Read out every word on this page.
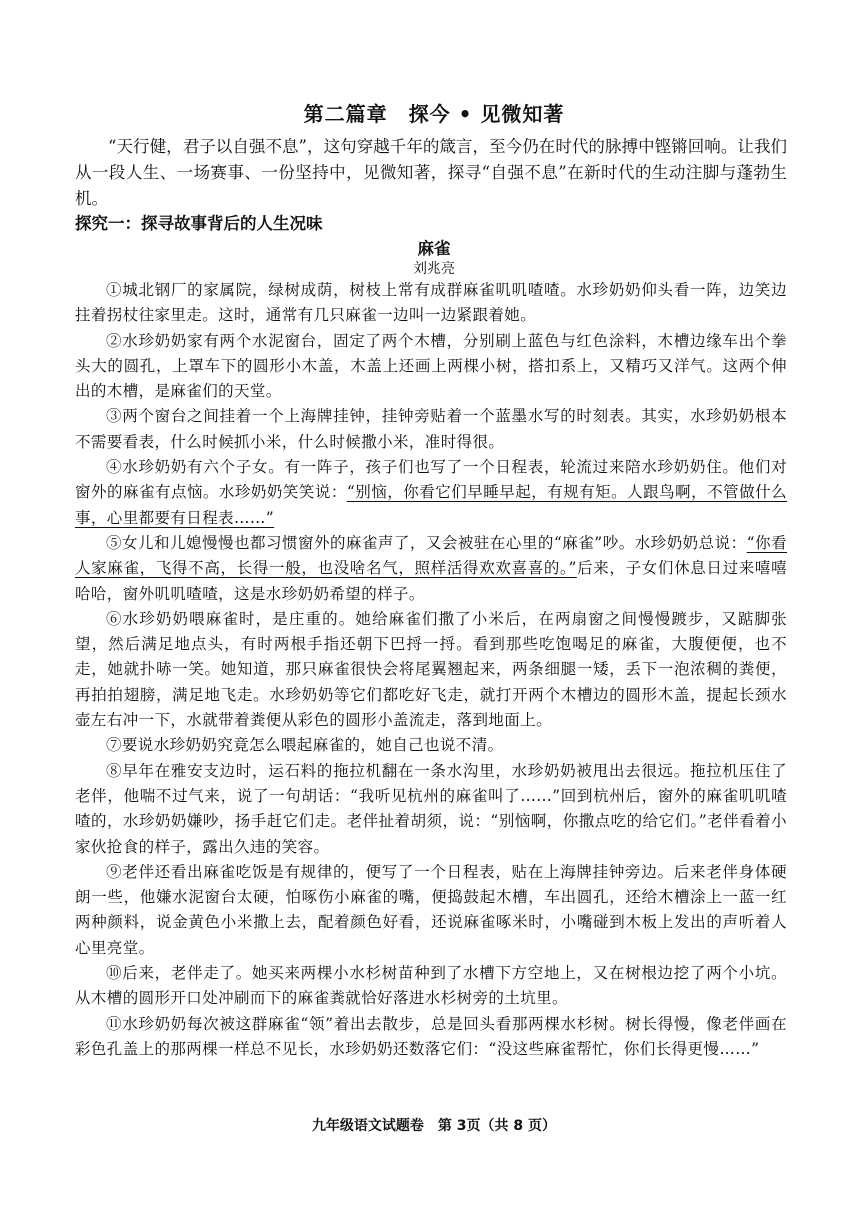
第二篇章　探今 • 见微知著
“天行健，君子以自强不息”，这句穿越千年的箴言，至今仍在时代的脉搏中铿锵回响。让我们从一段人生、一场赛事、一份坚持中，见微知著，探寻“自强不息”在新时代的生动注脚与蓬勃生机。
探究一：探寻故事背后的人生况味
麻雀
刘兆亮

①城北钢厂的家属院，绿树成荫，树枝上常有成群麻雀叽叽喳喳。水珍奶奶仰头看一阵，边笑边拄着拐杖往家里走。这时，通常有几只麻雀一边叫一边紧跟着她。

②水珍奶奶家有两个水泥窗台，固定了两个木槽，分别刷上蓝色与红色涂料，木槽边缘车出个拳头大的圆孔，上罩车下的圆形小木盖，木盖上还画上两棵小树，搭扣系上，又精巧又洋气。这两个伸出的木槽，是麻雀们的天堂。

③两个窗台之间挂着一个上海牌挂钟，挂钟旁贴着一个蓝墨水写的时刻表。其实，水珍奶奶根本不需要看表，什么时候抓小米，什么时候撒小米，准时得很。

④水珍奶奶有六个子女。有一阵子，孩子们也写了一个日程表，轮流过来陪水珍奶奶住。他们对窗外的麻雀有点恼。水珍奶奶笑笑说：“别恼，你看它们早睡早起，有规有矩。人跟鸟啊，不管做什么事，心里都要有日程表……”

⑤女儿和儿媳慢慢也都习惯窗外的麻雀声了，又会被驻在心里的“麻雀”吵。水珍奶奶总说：“你看人家麻雀，飞得不高，长得一般，也没啥名气，照样活得欢欢喜喜的。”后来，子女们休息日过来嘻嘻哈哈，窗外叽叽喳喳，这是水珍奶奶希望的样子。

⑥水珍奶奶喂麻雀时，是庄重的。她给麻雀们撒了小米后，在两扇窗之间慢慢踱步，又踮脚张望，然后满足地点头，有时两根手指还朝下巴捋一捋。看到那些吃饱喝足的麻雀，大腹便便，也不走，她就扑哧一笑。她知道，那只麻雀很快会将尾翼翘起来，两条细腿一矮，丢下一泡浓稠的粪便，再拍拍翅膀，满足地飞走。水珍奶奶等它们都吃好飞走，就打开两个木槽边的圆形木盖，提起长颈水壶左右冲一下，水就带着粪便从彩色的圆形小盖流走，落到地面上。

⑦要说水珍奶奶究竟怎么喂起麻雀的，她自己也说不清。

⑧早年在雅安支边时，运石料的拖拉机翻在一条水沟里，水珍奶奶被甩出去很远。拖拉机压住了老伴，他喘不过气来，说了一句胡话：“我听见杭州的麻雀叫了……”回到杭州后，窗外的麻雀叽叽喳喳的，水珍奶奶嫌吵，扬手赶它们走。老伴扯着胡须，说：“别恼啊，你撒点吃的给它们。”老伴看着小家伙抢食的样子，露出久违的笑容。

⑨老伴还看出麻雀吃饭是有规律的，便写了一个日程表，贴在上海牌挂钟旁边。后来老伴身体硬朗一些，他嫌水泥窗台太硬，怕啄伤小麻雀的嘴，便捣鼓起木槽，车出圆孔，还给木槽涂上一蓝一红两种颜料，说金黄色小米撒上去，配着颜色好看，还说麻雀啄米时，小嘴碰到木板上发出的声听着人心里亮堂。

⑩后来，老伴走了。她买来两棵小水杉树苗种到了水槽下方空地上，又在树根边挖了两个小坑。从木槽的圆形开口处冲刷而下的麻雀粪就恰好落进水杉树旁的土坑里。

⑪水珍奶奶每次被这群麻雀“领”着出去散步，总是回头看那两棵水杉树。树长得慢，像老伴画在彩色孔盖上的那两棵一样总不见长，水珍奶奶还数落它们：“没这些麻雀帮忙，你们长得更慢……”

九年级语文试题卷　第 3页（共 8 页）
